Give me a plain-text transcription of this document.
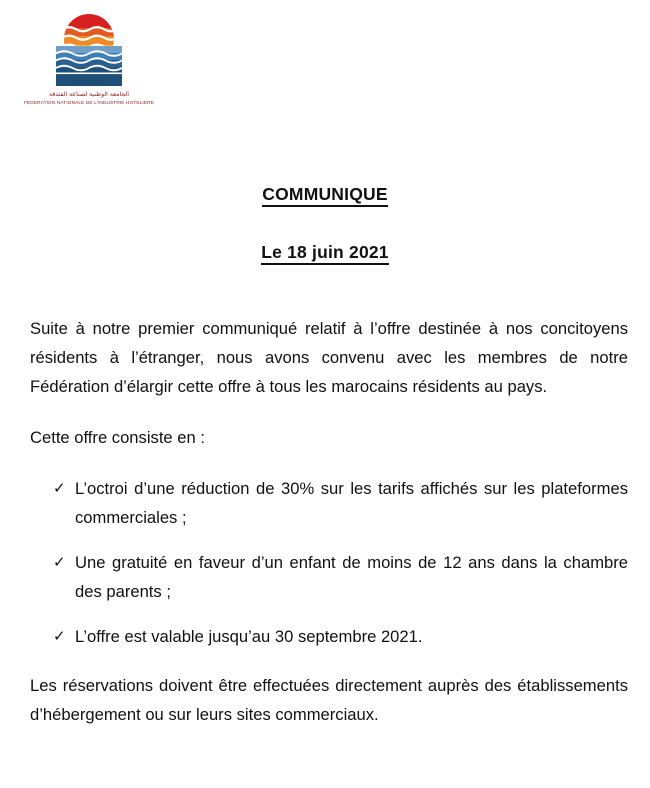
FNIH
الجامعة الوطنية لصناعة الفندقة
FEDERATION NATIONALE DE L'INDUSTRIE HOTELIERE
COMMUNIQUE
Le 18 juin 2021

Suite à notre premier communiqué relatif à l’offre destinée à nos concitoyens résidents à l’étranger, nous avons convenu avec les membres de notre Fédération d’élargir cette offre à tous les marocains résidents au pays.

Cette offre consiste en :

✓ L’octroi d’une réduction de 30% sur les tarifs affichés sur les plateformes commerciales ;
✓ Une gratuité en faveur d’un enfant de moins de 12 ans dans la chambre des parents ;
✓ L’offre est valable jusqu’au 30 septembre 2021.

Les réservations doivent être effectuées directement auprès des établissements d’hébergement ou sur leurs sites commerciaux.
